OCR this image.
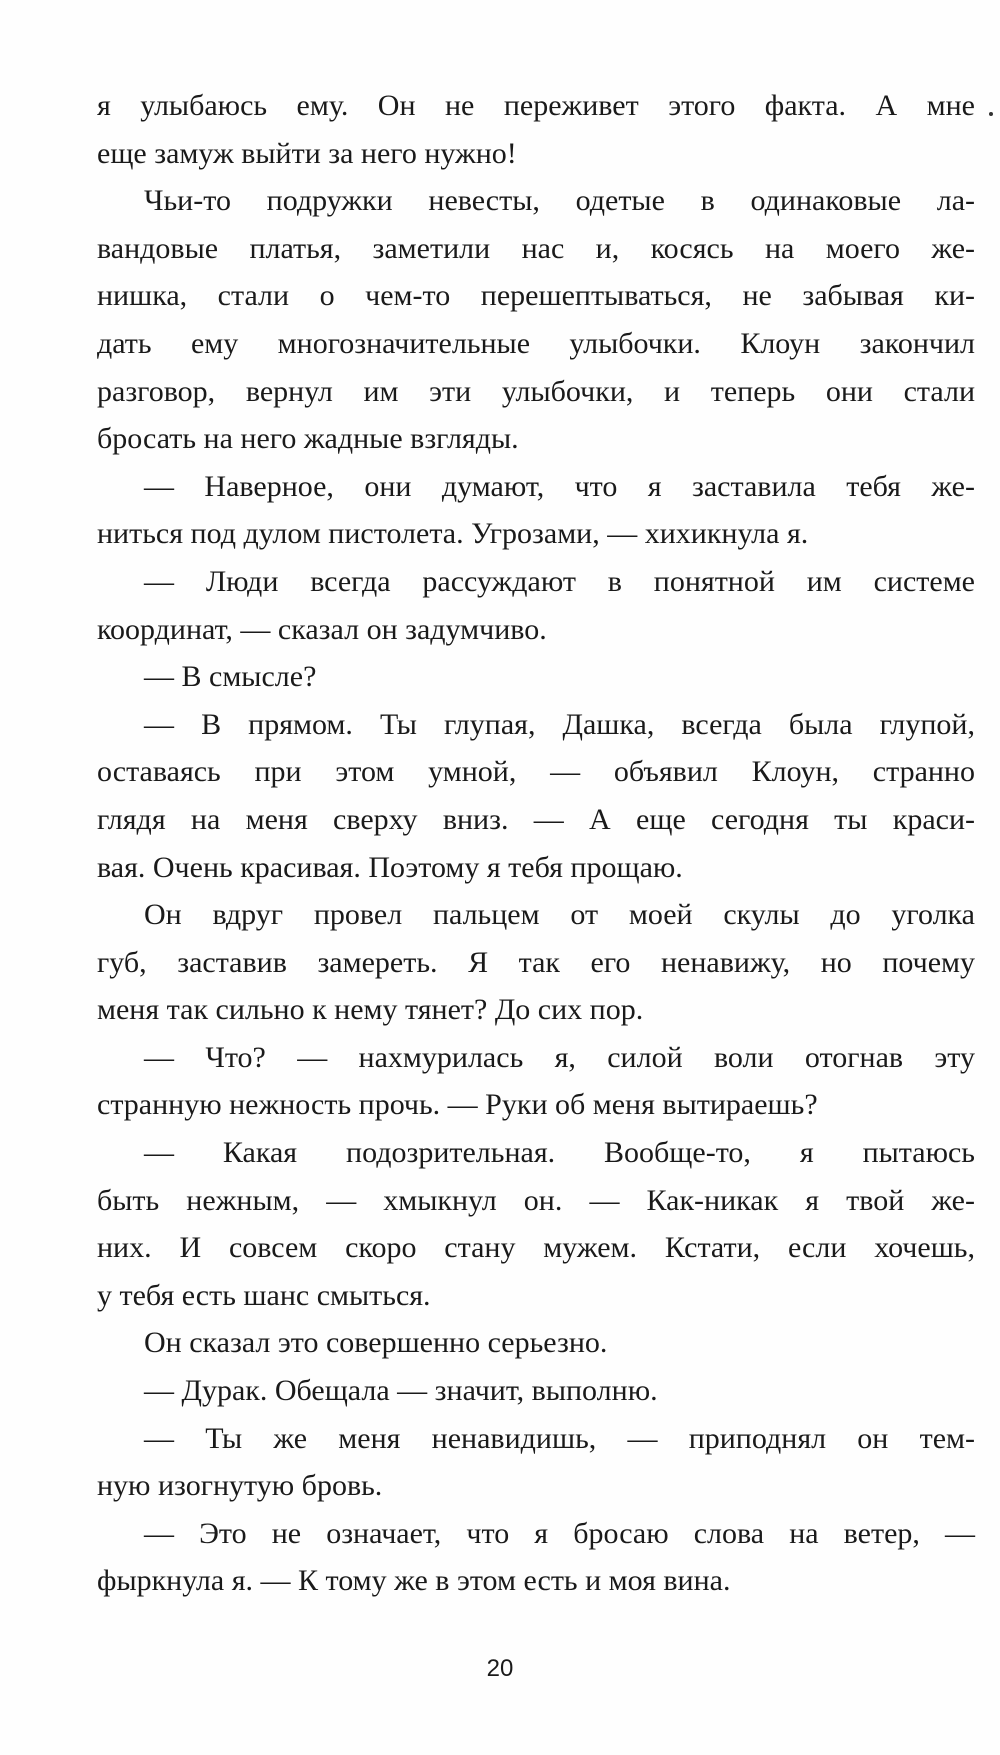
я улыбаюсь ему. Он не переживет этого факта. А мне
еще замуж выйти за него нужно!
Чьи-то подружки невесты, одетые в одинаковые ла-
вандовые платья, заметили нас и, косясь на моего же-
нишка, стали о чем-то перешептываться, не забывая ки-
дать ему многозначительные улыбочки. Клоун закончил
разговор, вернул им эти улыбочки, и теперь они стали
бросать на него жадные взгляды.
— Наверное, они думают, что я заставила тебя же-
ниться под дулом пистолета. Угрозами, — хихикнула я.
— Люди всегда рассуждают в понятной им системе
координат, — сказал он задумчиво.
— В смысле?
— В прямом. Ты глупая, Дашка, всегда была глупой,
оставаясь при этом умной, — объявил Клоун, странно
глядя на меня сверху вниз. — А еще сегодня ты краси-
вая. Очень красивая. Поэтому я тебя прощаю.
Он вдруг провел пальцем от моей скулы до уголка
губ, заставив замереть. Я так его ненавижу, но почему
меня так сильно к нему тянет? До сих пор.
— Что? — нахмурилась я, силой воли отогнав эту
странную нежность прочь. — Руки об меня вытираешь?
— Какая подозрительная. Вообще-то, я пытаюсь
быть нежным, — хмыкнул он. — Как-никак я твой же-
них. И совсем скоро стану мужем. Кстати, если хочешь,
у тебя есть шанс смыться.
Он сказал это совершенно серьезно.
— Дурак. Обещала — значит, выполню.
— Ты же меня ненавидишь, — приподнял он тем-
ную изогнутую бровь.
— Это не означает, что я бросаю слова на ветер, —
фыркнула я. — К тому же в этом есть и моя вина.
20
